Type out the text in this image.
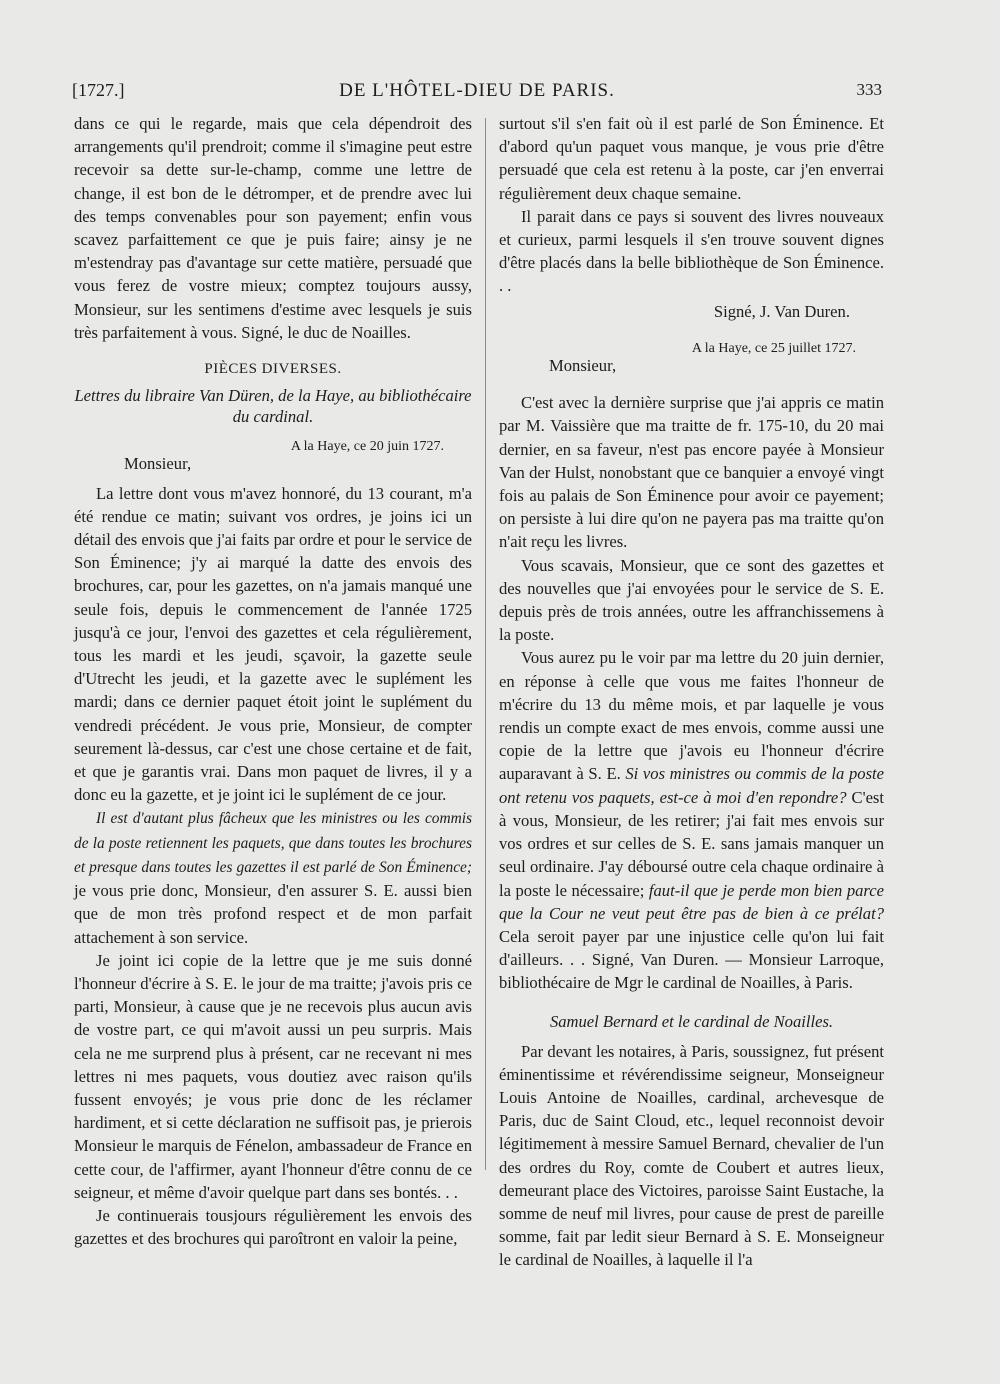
[1727.]	DE L'HÔTEL-DIEU DE PARIS.	333

dans ce qui le regarde, mais que cela dépendroit des arrangements qu'il prendroit; comme il s'imagine peut estre recevoir sa dette sur-le-champ, comme une lettre de change, il est bon de le détromper, et de prendre avec lui des temps convenables pour son payement; enfin vous scavez parfaittement ce que je puis faire; ainsy je ne m'estendray pas d'avantage sur cette matière, persuadé que vous ferez de vostre mieux; comptez toujours aussy, Monsieur, sur les sentimens d'estime avec lesquels je suis très parfaitement à vous. Signé, le duc de Noailles.

PIÈCES DIVERSES.
Lettres du libraire Van Düren, de la Haye, au bibliothécaire du cardinal.
A la Haye, ce 20 juin 1727.
Monsieur,

La lettre dont vous m'avez honnoré, du 13 courant, m'a été rendue ce matin; suivant vos ordres, je joins ici un détail des envois que j'ai faits par ordre et pour le service de Son Éminence; j'y ai marqué la datte des envois des brochures, car, pour les gazettes, on n'a jamais manqué une seule fois, depuis le commencement de l'année 1725 jusqu'à ce jour, l'envoi des gazettes et cela régulièrement, tous les mardi et les jeudi, sçavoir, la gazette seule d'Utrecht les jeudi, et la gazette avec le suplément les mardi; dans ce dernier paquet étoit joint le suplément du vendredi précédent. Je vous prie, Monsieur, de compter seurement là-dessus, car c'est une chose certaine et de fait, et que je garantis vrai. Dans mon paquet de livres, il y a donc eu la gazette, et je joint ici le suplément de ce jour.

Il est d'autant plus fâcheux que les ministres ou les commis de la poste retiennent les paquets, que dans toutes les brochures et presque dans toutes les gazettes il est parlé de Son Éminence; je vous prie donc, Monsieur, d'en assurer S. E. aussi bien que de mon très profond respect et de mon parfait attachement à son service.

Je joint ici copie de la lettre que je me suis donné l'honneur d'écrire à S. E. le jour de ma traitte; j'avois pris ce parti, Monsieur, à cause que je ne recevois plus aucun avis de vostre part, ce qui m'avoit aussi un peu surpris. Mais cela ne me surprend plus à présent, car ne recevant ni mes lettres ni mes paquets, vous doutiez avec raison qu'ils fussent envoyés; je vous prie donc de les réclamer hardiment, et si cette déclaration ne suffisoit pas, je prierois Monsieur le marquis de Fénelon, ambassadeur de France en cette cour, de l'affirmer, ayant l'honneur d'être connu de ce seigneur, et même d'avoir quelque part dans ses bontés. . .

Je continuerais tousjours régulièrement les envois des gazettes et des brochures qui paroîtront en valoir la peine,

surtout s'il s'en fait où il est parlé de Son Éminence. Et d'abord qu'un paquet vous manque, je vous prie d'être persuadé que cela est retenu à la poste, car j'en enverrai régulièrement deux chaque semaine.

Il parait dans ce pays si souvent des livres nouveaux et curieux, parmi lesquels il s'en trouve souvent dignes d'être placés dans la belle bibliothèque de Son Éminence. . .

Signé, J. Van Duren.
A la Haye, ce 25 juillet 1727.
Monsieur,

C'est avec la dernière surprise que j'ai appris ce matin par M. Vaissière que ma traitte de fr. 175-10, du 20 mai dernier, en sa faveur, n'est pas encore payée à Monsieur Van der Hulst, nonobstant que ce banquier a envoyé vingt fois au palais de Son Éminence pour avoir ce payement; on persiste à lui dire qu'on ne payera pas ma traitte qu'on n'ait reçu les livres.

Vous scavais, Monsieur, que ce sont des gazettes et des nouvelles que j'ai envoyées pour le service de S. E. depuis près de trois années, outre les affranchissemens à la poste.

Vous aurez pu le voir par ma lettre du 20 juin dernier, en réponse à celle que vous me faites l'honneur de m'écrire du 13 du même mois, et par laquelle je vous rendis un compte exact de mes envois, comme aussi une copie de la lettre que j'avois eu l'honneur d'écrire auparavant à S. E. Si vos ministres ou commis de la poste ont retenu vos paquets, est-ce à moi d'en repondre? C'est à vous, Monsieur, de les retirer; j'ai fait mes envois sur vos ordres et sur celles de S. E. sans jamais manquer un seul ordinaire. J'ay déboursé outre cela chaque ordinaire à la poste le nécessaire; faut-il que je perde mon bien parce que la Cour ne veut peut être pas de bien à ce prélat? Cela seroit payer par une injustice celle qu'on lui fait d'ailleurs. . . Signé, Van Duren. — Monsieur Larroque, bibliothécaire de Mgr le cardinal de Noailles, à Paris.

Samuel Bernard et le cardinal de Noailles.

Par devant les notaires, à Paris, soussignez, fut présent éminentissime et révérendissime seigneur, Monseigneur Louis Antoine de Noailles, cardinal, archevesque de Paris, duc de Saint Cloud, etc., lequel reconnoist devoir légitimement à messire Samuel Bernard, chevalier de l'un des ordres du Roy, comte de Coubert et autres lieux, demeurant place des Victoires, paroisse Saint Eustache, la somme de neuf mil livres, pour cause de prest de pareille somme, fait par ledit sieur Bernard à S. E. Monseigneur le cardinal de Noailles, à laquelle il l'a
